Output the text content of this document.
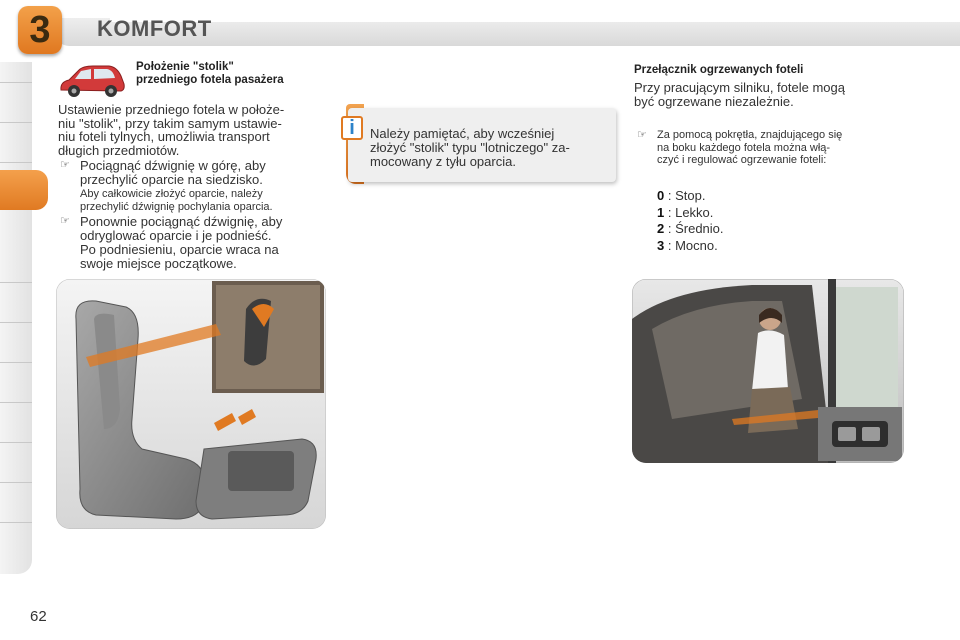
3	KOMFORT
Położenie "stolik"
przedniego fotela pasażera
Ustawienie przedniego fotela w położe-
niu "stolik", przy takim samym ustawie-
niu foteli tylnych, umożliwia transport
długich przedmiotów.
☞ Pociągnąć dźwignię w górę, aby
przechylić oparcie na siedzisko.
Aby całkowicie złożyć oparcie, należy
przechylić dźwignię pochylania oparcia.
☞ Ponownie pociągnąć dźwignię, aby
odryglować oparcie i je podnieść.
Po podniesieniu, oparcie wraca na
swoje miejsce początkowe.
i	Należy pamiętać, aby wcześniej
złożyć "stolik" typu "lotniczego" za-
mocowany z tyłu oparcia.
Przełącznik ogrzewanych foteli
Przy pracującym silniku, fotele mogą
być ogrzewane niezależnie.
☞ Za pomocą pokrętła, znajdującego się
na boku każdego fotela można włą-
czyć i regulować ogrzewanie foteli:
0 : Stop.
1 : Lekko.
2 : Średnio.
3 : Mocno.
62
